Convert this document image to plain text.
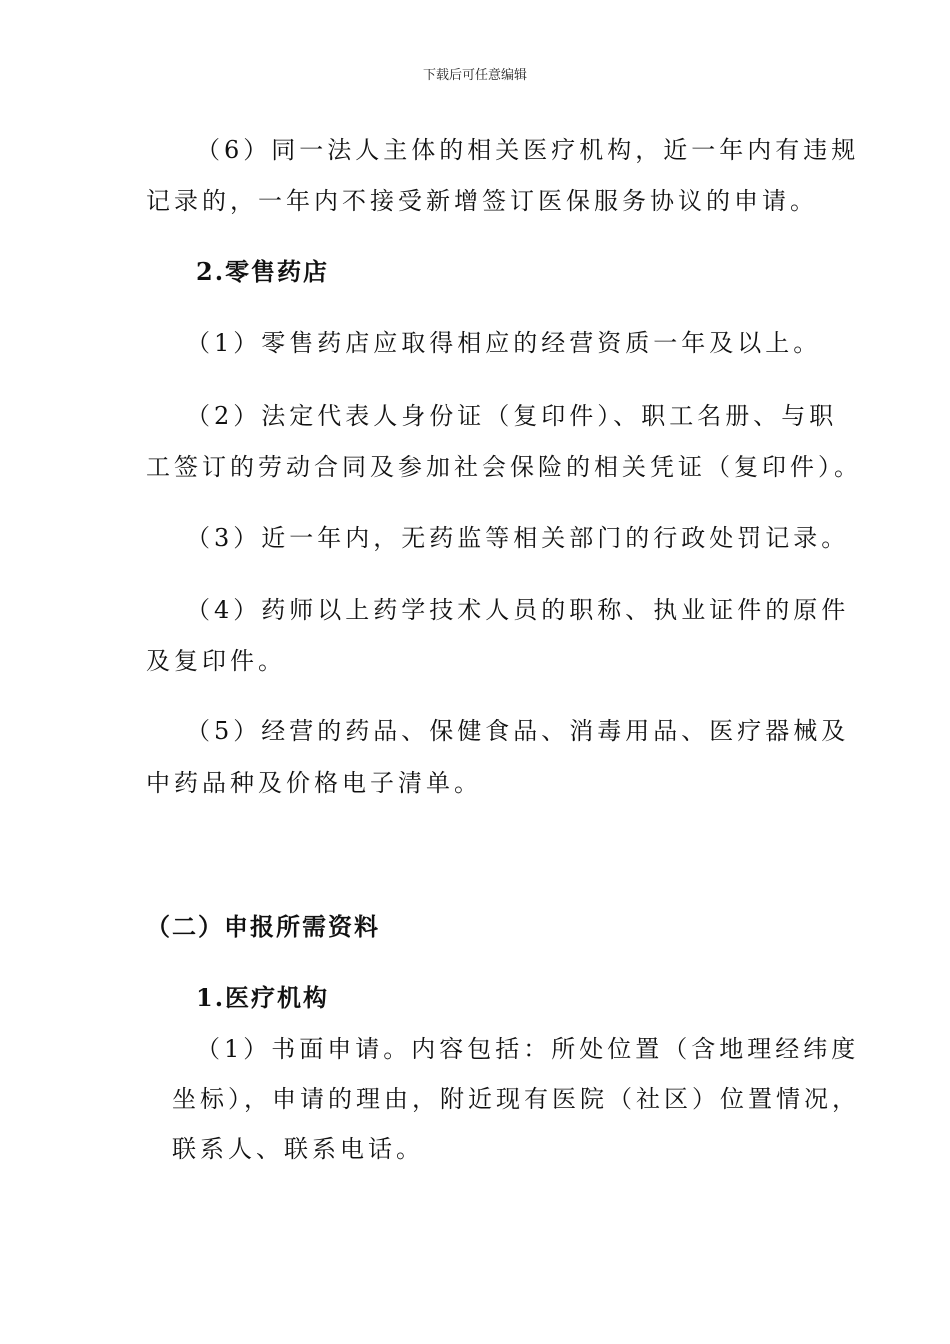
下载后可任意编辑
（6）同一法人主体的相关医疗机构，近一年内有违规
记录的，一年内不接受新增签订医保服务协议的申请。
2.零售药店
（1）零售药店应取得相应的经营资质一年及以上。
（2）法定代表人身份证（复印件）、职工名册、与职
工签订的劳动合同及参加社会保险的相关凭证（复印件）。
（3）近一年内，无药监等相关部门的行政处罚记录。
（4）药师以上药学技术人员的职称、执业证件的原件
及复印件。
（5）经营的药品、保健食品、消毒用品、医疗器械及
中药品种及价格电子清单。
（二）申报所需资料
1.医疗机构
（1）书面申请。内容包括：所处位置（含地理经纬度
坐标），申请的理由，附近现有医院（社区）位置情况，
联系人、联系电话。
